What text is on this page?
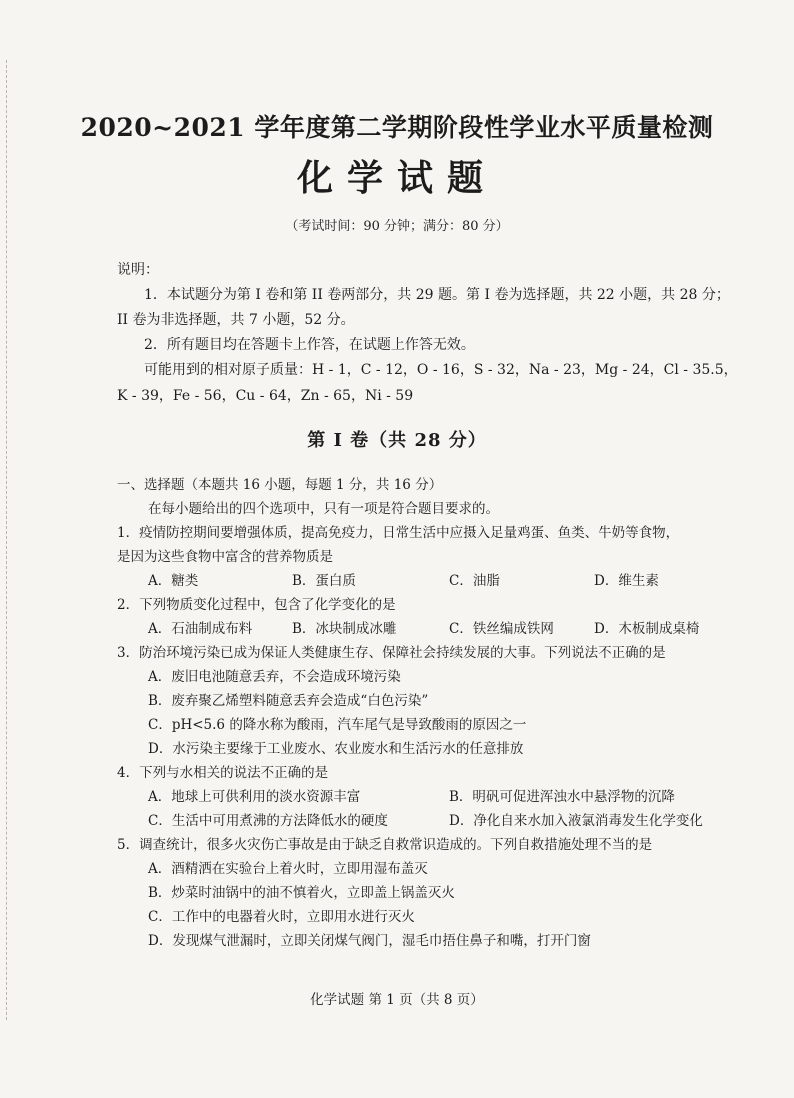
2020~2021 学年度第二学期阶段性学业水平质量检测
化学试题
（考试时间：90 分钟；满分：80 分）
说明：
1．本试题分为第 I 卷和第 II 卷两部分，共 29 题。第 I 卷为选择题，共 22 小题，共 28 分；
II 卷为非选择题，共 7 小题，52 分。
2．所有题目均在答题卡上作答，在试题上作答无效。
可能用到的相对原子质量：H - 1，C - 12，O - 16，S - 32，Na - 23，Mg - 24，Cl - 35.5，
K - 39，Fe - 56，Cu - 64，Zn - 65，Ni - 59
第 I 卷（共 28 分）
一、选择题（本题共 16 小题，每题 1 分，共 16 分）
在每小题给出的四个选项中，只有一项是符合题目要求的。
1．疫情防控期间要增强体质，提高免疫力，日常生活中应摄入足量鸡蛋、鱼类、牛奶等食物，
是因为这些食物中富含的营养物质是
A．糖类	B．蛋白质	C．油脂	D．维生素
2．下列物质变化过程中，包含了化学变化的是
A．石油制成布料	B．冰块制成冰雕	C．铁丝编成铁网	D．木板制成桌椅
3．防治环境污染已成为保证人类健康生存、保障社会持续发展的大事。下列说法不正确的是
A．废旧电池随意丢弃，不会造成环境污染
B．废弃聚乙烯塑料随意丢弃会造成“白色污染”
C．pH<5.6 的降水称为酸雨，汽车尾气是导致酸雨的原因之一
D．水污染主要缘于工业废水、农业废水和生活污水的任意排放
4．下列与水相关的说法不正确的是
A．地球上可供利用的淡水资源丰富	B．明矾可促进浑浊水中悬浮物的沉降
C．生活中可用煮沸的方法降低水的硬度	D．净化自来水加入液氯消毒发生化学变化
5．调查统计，很多火灾伤亡事故是由于缺乏自救常识造成的。下列自救措施处理不当的是
A．酒精洒在实验台上着火时，立即用湿布盖灭
B．炒菜时油锅中的油不慎着火，立即盖上锅盖灭火
C．工作中的电器着火时，立即用水进行灭火
D．发现煤气泄漏时，立即关闭煤气阀门，湿毛巾捂住鼻子和嘴，打开门窗
化学试题 第 1 页（共 8 页）
